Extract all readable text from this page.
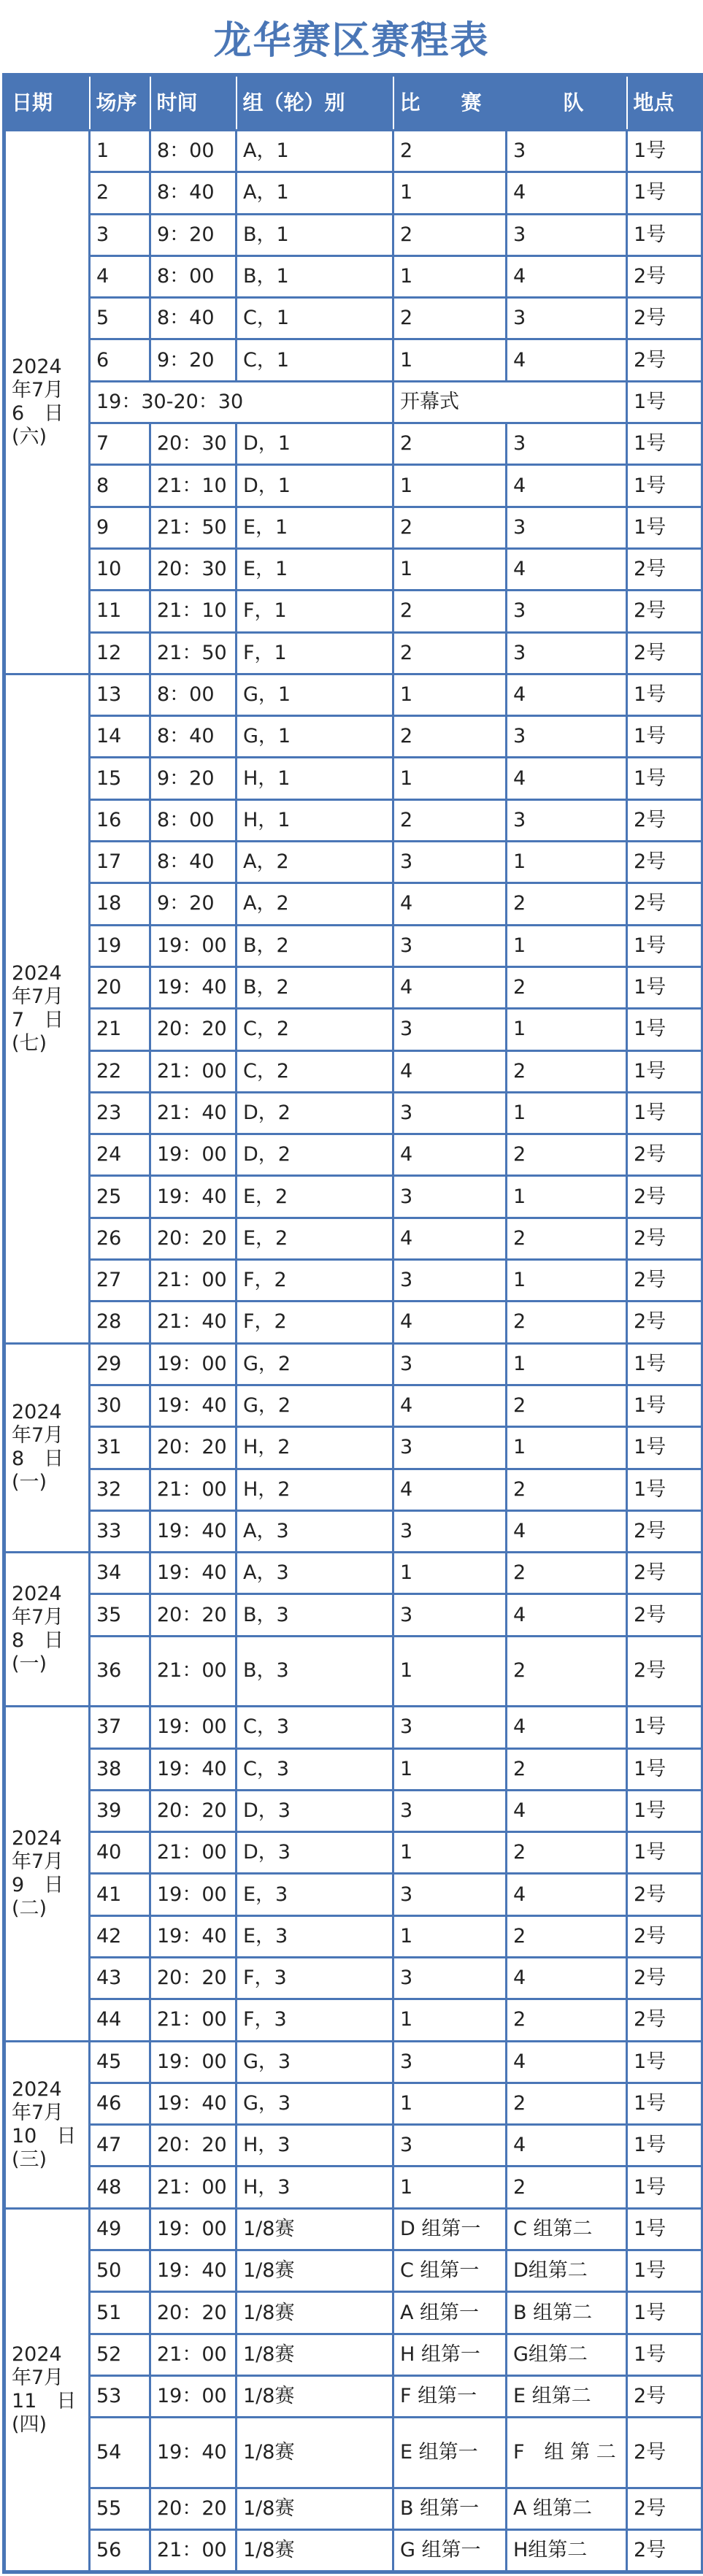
龙华赛区赛程表
日期	场序	时间	组（轮）别	比　　赛　　　　队		地点

2024
年7月
6　日
(六)	1	8：00	A，1	2	3	1号
	2	8：40	A，1	1	4	1号
	3	9：20	B，1	2	3	1号
	4	8：00	B，1	1	4	2号
	5	8：40	C，1	2	3	2号
	6	9：20	C，1	1	4	2号
	19：30-20：30			开幕式		1号
	7	20：30	D，1	2	3	1号
	8	21：10	D，1	1	4	1号
	9	21：50	E，1	2	3	1号
	10	20：30	E，1	1	4	2号
	11	21：10	F，1	2	3	2号
	12	21：50	F，1	2	3	2号

2024
年7月
7　日
(七)	13	8：00	G，1	1	4	1号
	14	8：40	G，1	2	3	1号
	15	9：20	H，1	1	4	1号
	16	8：00	H，1	2	3	2号
	17	8：40	A，2	3	1	2号
	18	9：20	A，2	4	2	2号
	19	19：00	B，2	3	1	1号
	20	19：40	B，2	4	2	1号
	21	20：20	C，2	3	1	1号
	22	21：00	C，2	4	2	1号
	23	21：40	D，2	3	1	1号
	24	19：00	D，2	4	2	2号
	25	19：40	E，2	3	1	2号
	26	20：20	E，2	4	2	2号
	27	21：00	F，2	3	1	2号
	28	21：40	F，2	4	2	2号

2024
年7月
8　日
(一)	29	19：00	G，2	3	1	1号
	30	19：40	G，2	4	2	1号
	31	20：20	H，2	3	1	1号
	32	21：00	H，2	4	2	1号
	33	19：40	A，3	3	4	2号

2024
年7月
8　日
(一)	34	19：40	A，3	1	2	2号
	35	20：20	B，3	3	4	2号
	36	21：00	B，3	1	2	2号

2024
年7月
9　日
(二)	37	19：00	C，3	3	4	1号
	38	19：40	C，3	1	2	1号
	39	20：20	D，3	3	4	1号
	40	21：00	D，3	1	2	1号
	41	19：00	E，3	3	4	2号
	42	19：40	E，3	1	2	2号
	43	20：20	F，3	3	4	2号
	44	21：00	F，3	1	2	2号

2024
年7月
10　日
(三)	45	19：00	G，3	3	4	1号
	46	19：40	G，3	1	2	1号
	47	20：20	H，3	3	4	1号
	48	21：00	H，3	1	2	1号

2024
年7月
11　日
(四)	49	19：00	1/8赛	D 组第一	C 组第二	1号
	50	19：40	1/8赛	C 组第一	D组第二	1号
	51	20：20	1/8赛	A 组第一	B 组第二	1号
	52	21：00	1/8赛	H 组第一	G组第二	1号
	53	19：00	1/8赛	F 组第一	E 组第二	2号
	54	19：40	1/8赛	E 组第一	F　组 第 二	2号
	55	20：20	1/8赛	B 组第一	A 组第二	2号
	56	21：00	1/8赛	G 组第一	H组第二	2号
